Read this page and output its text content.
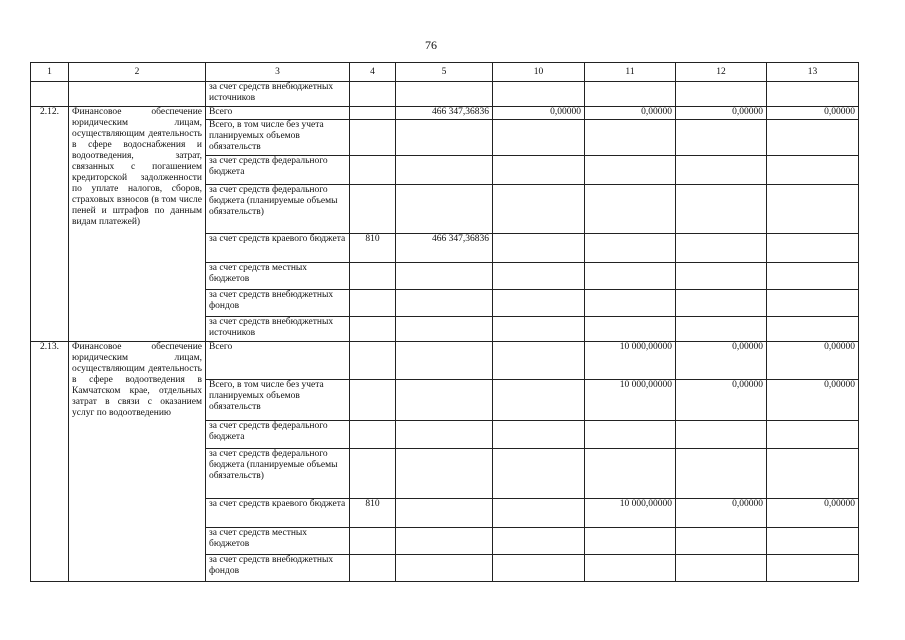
76
1	2	3	4	5	10	11	12	13
		за счет средств внебюджетных источников						
2.12.	Финансовое обеспечение юридическим лицам, осуществляющим деятельность в сфере водоснабжения и водоотведения, затрат, связанных с погашением кредиторской задолженности по уплате налогов, сборов, страховых взносов (в том числе пеней и штрафов по данным видам платежей)	Всего		466 347,36836	0,00000	0,00000	0,00000	0,00000
		Всего, в том числе без учета планируемых объемов обязательств						
		за счет средств федерального бюджета						
		за счет средств федерального бюджета (планируемые объемы обязательств)						
		за счет средств краевого бюджета	810	466 347,36836				
		за счет средств местных бюджетов						
		за счет средств внебюджетных фондов						
		за счет средств внебюджетных источников						
2.13.	Финансовое обеспечение юридическим лицам, осуществляющим деятельность в сфере водоотведения в Камчатском крае, отдельных затрат в связи с оказанием услуг по водоотведению	Всего				10 000,00000	0,00000	0,00000
		Всего, в том числе без учета планируемых объемов обязательств				10 000,00000	0,00000	0,00000
		за счет средств федерального бюджета						
		за счет средств федерального бюджета (планируемые объемы обязательств)						
		за счет средств краевого бюджета	810			10 000,00000	0,00000	0,00000
		за счет средств местных бюджетов						
		за счет средств внебюджетных фондов						
